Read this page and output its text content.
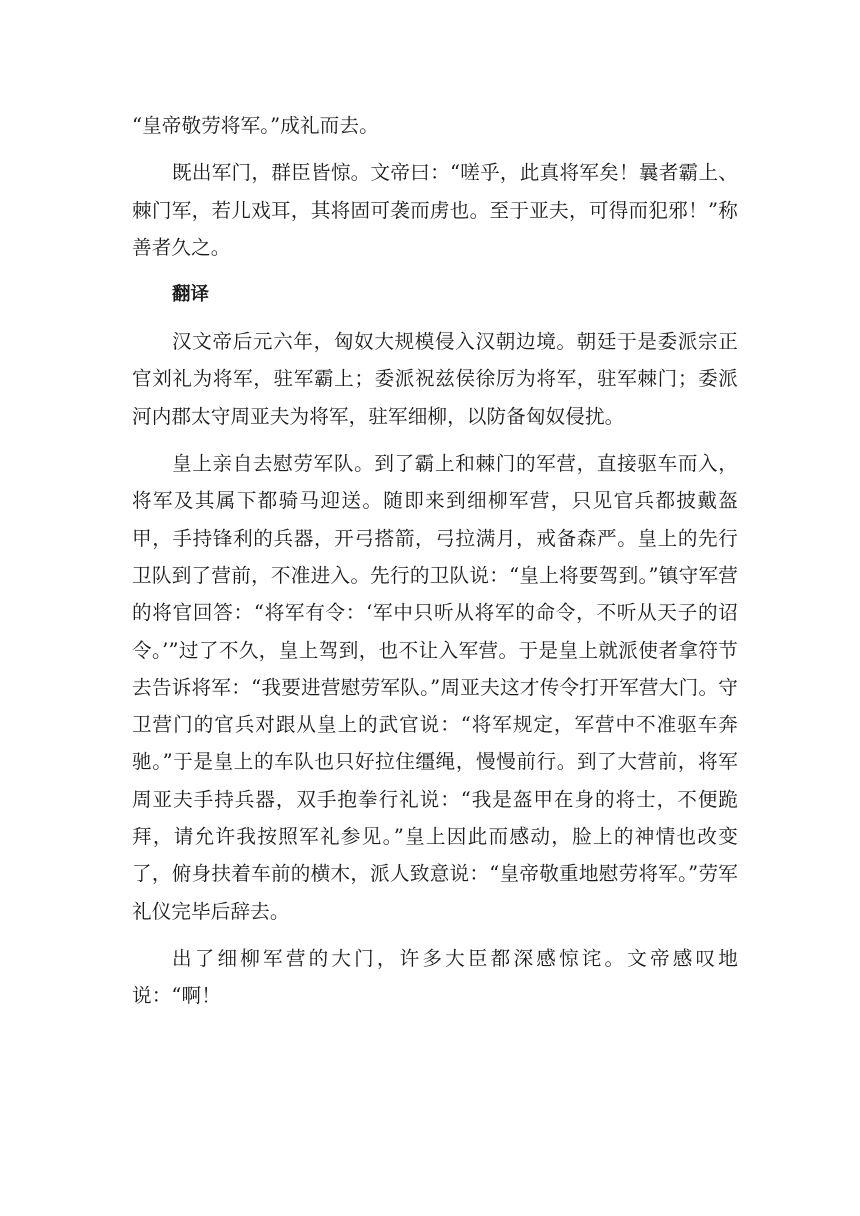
“皇帝敬劳将军。”成礼而去。

既出军门，群臣皆惊。文帝曰：“嗟乎，此真将军矣！曩者霸上、棘门军，若儿戏耳，其将固可袭而虏也。至于亚夫，可得而犯邪！”称善者久之。

翻译

汉文帝后元六年，匈奴大规模侵入汉朝边境。朝廷于是委派宗正官刘礼为将军，驻军霸上；委派祝兹侯徐厉为将军，驻军棘门；委派河内郡太守周亚夫为将军，驻军细柳，以防备匈奴侵扰。

皇上亲自去慰劳军队。到了霸上和棘门的军营，直接驱车而入，将军及其属下都骑马迎送。随即来到细柳军营，只见官兵都披戴盔甲，手持锋利的兵器，开弓搭箭，弓拉满月，戒备森严。皇上的先行卫队到了营前，不准进入。先行的卫队说：“皇上将要驾到。”镇守军营的将官回答：“将军有令：‘军中只听从将军的命令，不听从天子的诏令。’”过了不久，皇上驾到，也不让入军营。于是皇上就派使者拿符节去告诉将军：“我要进营慰劳军队。”周亚夫这才传令打开军营大门。守卫营门的官兵对跟从皇上的武官说：“将军规定，军营中不准驱车奔驰。”于是皇上的车队也只好拉住缰绳，慢慢前行。到了大营前，将军周亚夫手持兵器，双手抱拳行礼说：“我是盔甲在身的将士，不便跪拜，请允许我按照军礼参见。”皇上因此而感动，脸上的神情也改变了，俯身扶着车前的横木，派人致意说：“皇帝敬重地慰劳将军。”劳军礼仪完毕后辞去。

出了细柳军营的大门，许多大臣都深感惊诧。文帝感叹地说：“啊！
